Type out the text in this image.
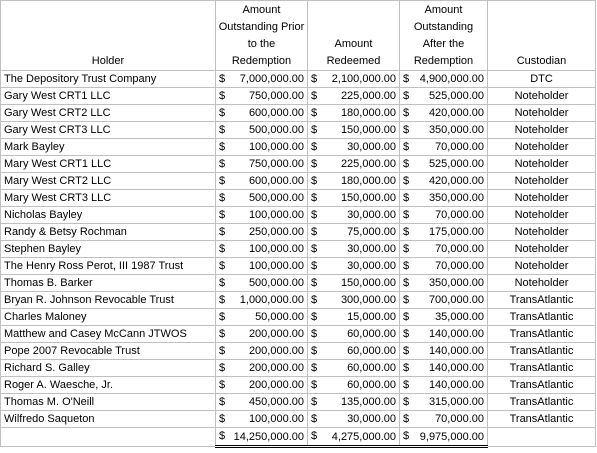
Holder	Amount Outstanding Prior to the Redemption	Amount Redeemed	Amount Outstanding After the Redemption	Custodian
The Depository Trust Company	$ 7,000,000.00	$ 2,100,000.00	$ 4,900,000.00	DTC
Gary West CRT1 LLC	$ 750,000.00	$ 225,000.00	$ 525,000.00	Noteholder
Gary West CRT2 LLC	$ 600,000.00	$ 180,000.00	$ 420,000.00	Noteholder
Gary West CRT3 LLC	$ 500,000.00	$ 150,000.00	$ 350,000.00	Noteholder
Mark Bayley	$ 100,000.00	$ 30,000.00	$ 70,000.00	Noteholder
Mary West CRT1 LLC	$ 750,000.00	$ 225,000.00	$ 525,000.00	Noteholder
Mary West CRT2 LLC	$ 600,000.00	$ 180,000.00	$ 420,000.00	Noteholder
Mary West CRT3 LLC	$ 500,000.00	$ 150,000.00	$ 350,000.00	Noteholder
Nicholas Bayley	$ 100,000.00	$ 30,000.00	$ 70,000.00	Noteholder
Randy & Betsy Rochman	$ 250,000.00	$ 75,000.00	$ 175,000.00	Noteholder
Stephen Bayley	$ 100,000.00	$ 30,000.00	$ 70,000.00	Noteholder
The Henry Ross Perot, III 1987 Trust	$ 100,000.00	$ 30,000.00	$ 70,000.00	Noteholder
Thomas B. Barker	$ 500,000.00	$ 150,000.00	$ 350,000.00	Noteholder
Bryan R. Johnson Revocable Trust	$ 1,000,000.00	$ 300,000.00	$ 700,000.00	TransAtlantic
Charles Maloney	$ 50,000.00	$ 15,000.00	$ 35,000.00	TransAtlantic
Matthew and Casey McCann JTWOS	$ 200,000.00	$ 60,000.00	$ 140,000.00	TransAtlantic
Pope 2007 Revocable Trust	$ 200,000.00	$ 60,000.00	$ 140,000.00	TransAtlantic
Richard S. Galley	$ 200,000.00	$ 60,000.00	$ 140,000.00	TransAtlantic
Roger A. Waesche, Jr.	$ 200,000.00	$ 60,000.00	$ 140,000.00	TransAtlantic
Thomas M. O'Neill	$ 450,000.00	$ 135,000.00	$ 315,000.00	TransAtlantic
Wilfredo Saqueton	$ 100,000.00	$ 30,000.00	$ 70,000.00	TransAtlantic

	$ 14,250,000.00	$ 4,275,000.00	$ 9,975,000.00	
